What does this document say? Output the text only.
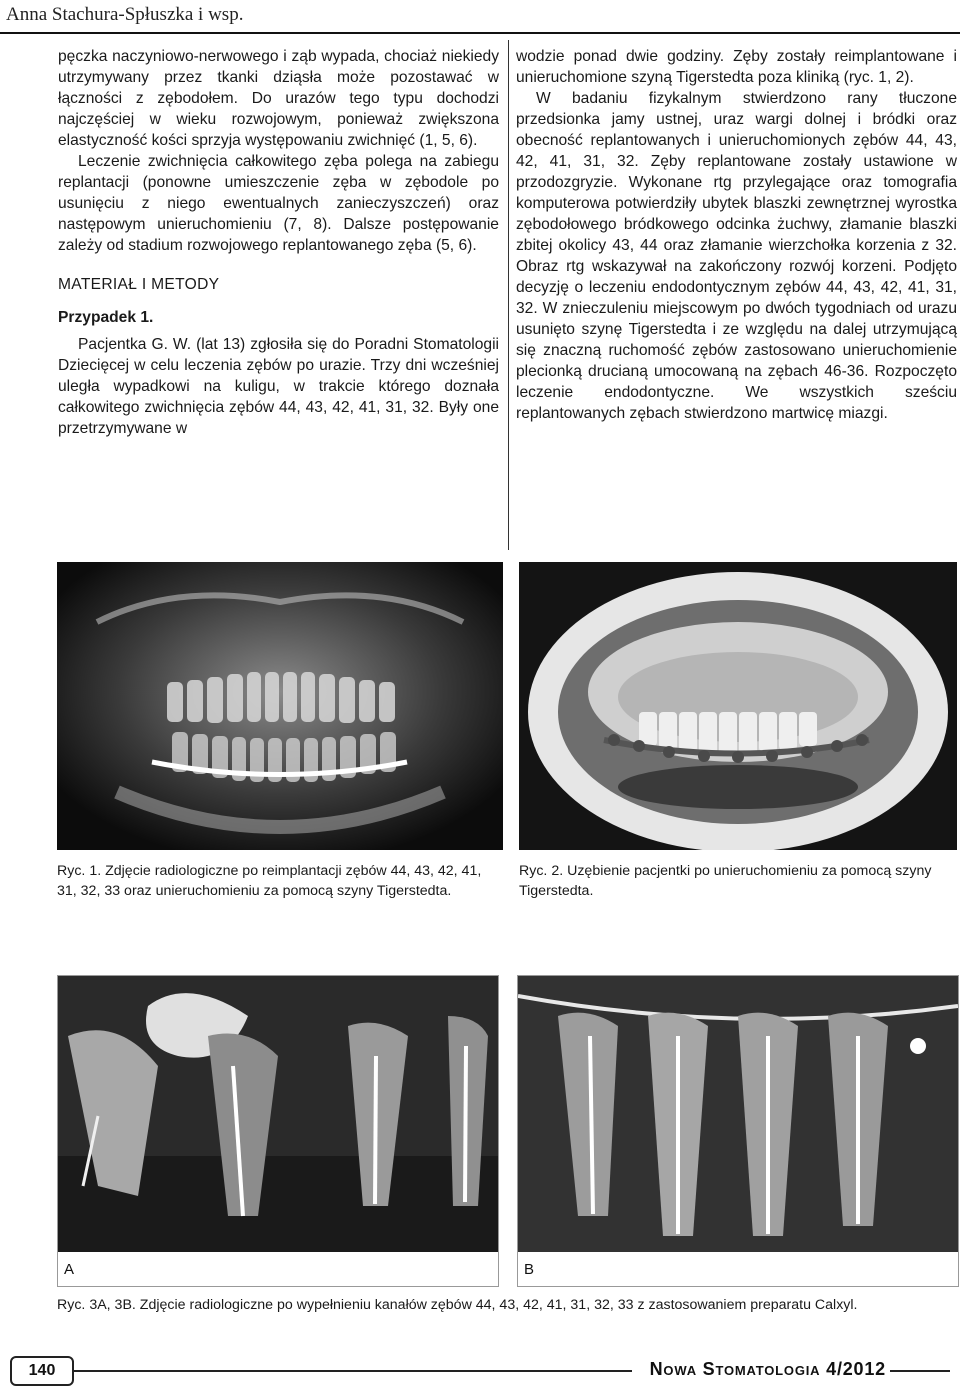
Anna Stachura-Spłuszka i wsp.

pęczka naczyniowo-nerwowego i ząb wypada, chociaż niekiedy utrzymywany przez tkanki dziąsła może pozostawać w łączności z zębodołem. Do urazów tego typu dochodzi najczęściej w wieku rozwojowym, ponieważ zwiększona elastyczność kości sprzyja występowaniu zwichnięć (1, 5, 6).

Leczenie zwichnięcia całkowitego zęba polega na zabiegu replantacji (ponowne umieszczenie zęba w zębodole po usunięciu z niego ewentualnych zanieczyszczeń) oraz następowym unieruchomieniu (7, 8). Dalsze postępowanie zależy od stadium rozwojowego replantowanego zęba (5, 6).

MATERIAŁ I METODY

Przypadek 1.

Pacjentka G. W. (lat 13) zgłosiła się do Poradni Stomatologii Dziecięcej w celu leczenia zębów po urazie. Trzy dni wcześniej uległa wypadkowi na kuligu, w trakcie którego doznała całkowitego zwichnięcia zębów 44, 43, 42, 41, 31, 32. Były one przetrzymywane w

wodzie ponad dwie godziny. Zęby zostały reimplantowane i unieruchomione szyną Tigerstedta poza kliniką (ryc. 1, 2).

W badaniu fizykalnym stwierdzono rany tłuczone przedsionka jamy ustnej, uraz wargi dolnej i bródki oraz obecność replantowanych i unieruchomionych zębów 44, 43, 42, 41, 31, 32. Zęby replantowane zostały ustawione w przodozgryzie. Wykonane rtg przylegające oraz tomografia komputerowa potwierdziły ubytek blaszki zewnętrznej wyrostka zębodołowego bródkowego odcinka żuchwy, złamanie blaszki zbitej okolicy 43, 44 oraz złamanie wierzchołka korzenia z 32. Obraz rtg wskazywał na zakończony rozwój korzeni. Podjęto decyzję o leczeniu endodontycznym zębów 44, 43, 42, 41, 31, 32. W znieczuleniu miejscowym po dwóch tygodniach od urazu usunięto szynę Tigerstedta i ze względu na dalej utrzymującą się znaczną ruchomość zębów zastosowano unieruchomienie plecionką drucianą umocowaną na zębach 46-36. Rozpoczęto leczenie endodontyczne. We wszystkich sześciu replantowanych zębach stwierdzono martwicę miazgi.

Ryc. 1. Zdjęcie radiologiczne po reimplantacji zębów 44, 43, 42, 41, 31, 32, 33 oraz unieruchomieniu za pomocą szyny Tigerstedta.
Ryc. 2. Uzębienie pacjentki po unieruchomieniu za pomocą szyny Tigerstedta.
A	B
Ryc. 3A, 3B. Zdjęcie radiologiczne po wypełnieniu kanałów zębów 44, 43, 42, 41, 31, 32, 33 z zastosowaniem preparatu Calxyl.
140	Nowa Stomatologia 4/2012
